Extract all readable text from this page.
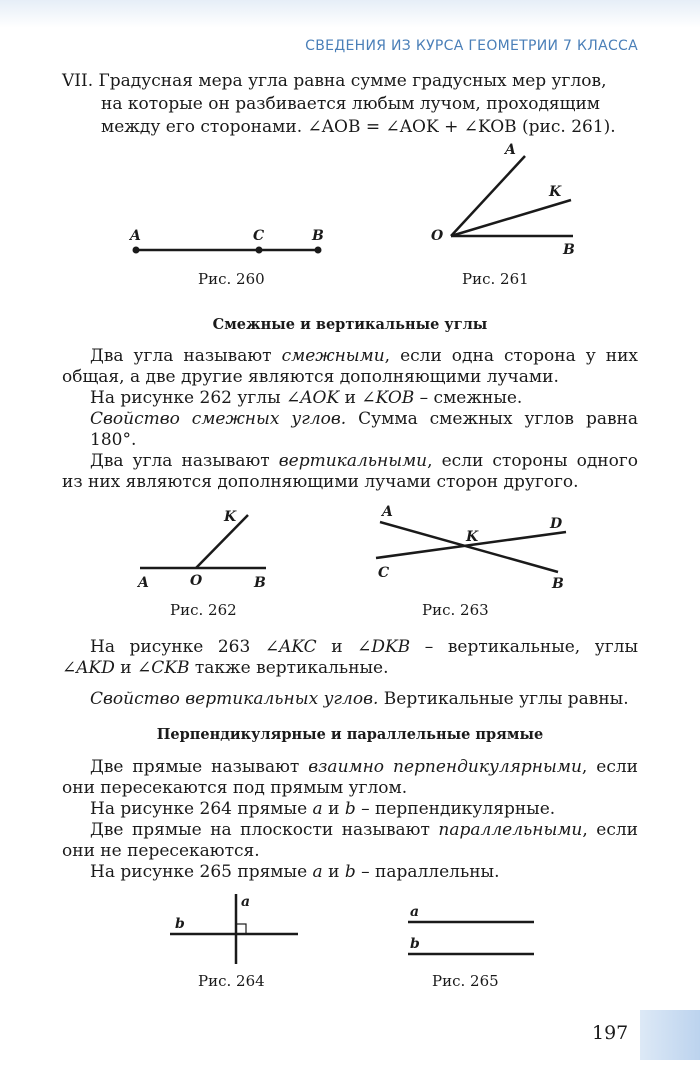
СВЕДЕНИЯ ИЗ КУРСА ГЕОМЕТРИИ 7 КЛАССА
VII. Градусная мера угла равна сумме градусных мер углов,
на которые он разбивается любым лучом, проходящим
между его сторонами. ∠AOB = ∠AOK + ∠KOB (рис. 261).
A	C	B
Рис. 260
A
K
O
B
Рис. 261
Смежные и вертикальные углы
Два угла называют смежными, если одна сторона у них
общая, а две другие являются дополняющими лучами.
На рисунке 262 углы ∠AOK и ∠KOB – смежные.
Свойство смежных углов. Сумма смежных углов равна
180°.
Два угла называют вертикальными, если стороны одного
из них являются дополняющими лучами сторон другого.
K
A	O	B
Рис. 262
A
K
D
C
B
Рис. 263
На рисунке 263 ∠AKC и ∠DKB – вертикальные, углы
∠AKD и ∠CKB также вертикальные.
Свойство вертикальных углов. Вертикальные углы равны.
Перпендикулярные и параллельные прямые
Две прямые называют взаимно перпендикулярными, если
они пересекаются под прямым углом.
На рисунке 264 прямые a и b – перпендикулярные.
Две прямые на плоскости называют параллельными, если
они не пересекаются.
На рисунке 265 прямые a и b – параллельны.
a
b
Рис. 264
a
b
Рис. 265
197
